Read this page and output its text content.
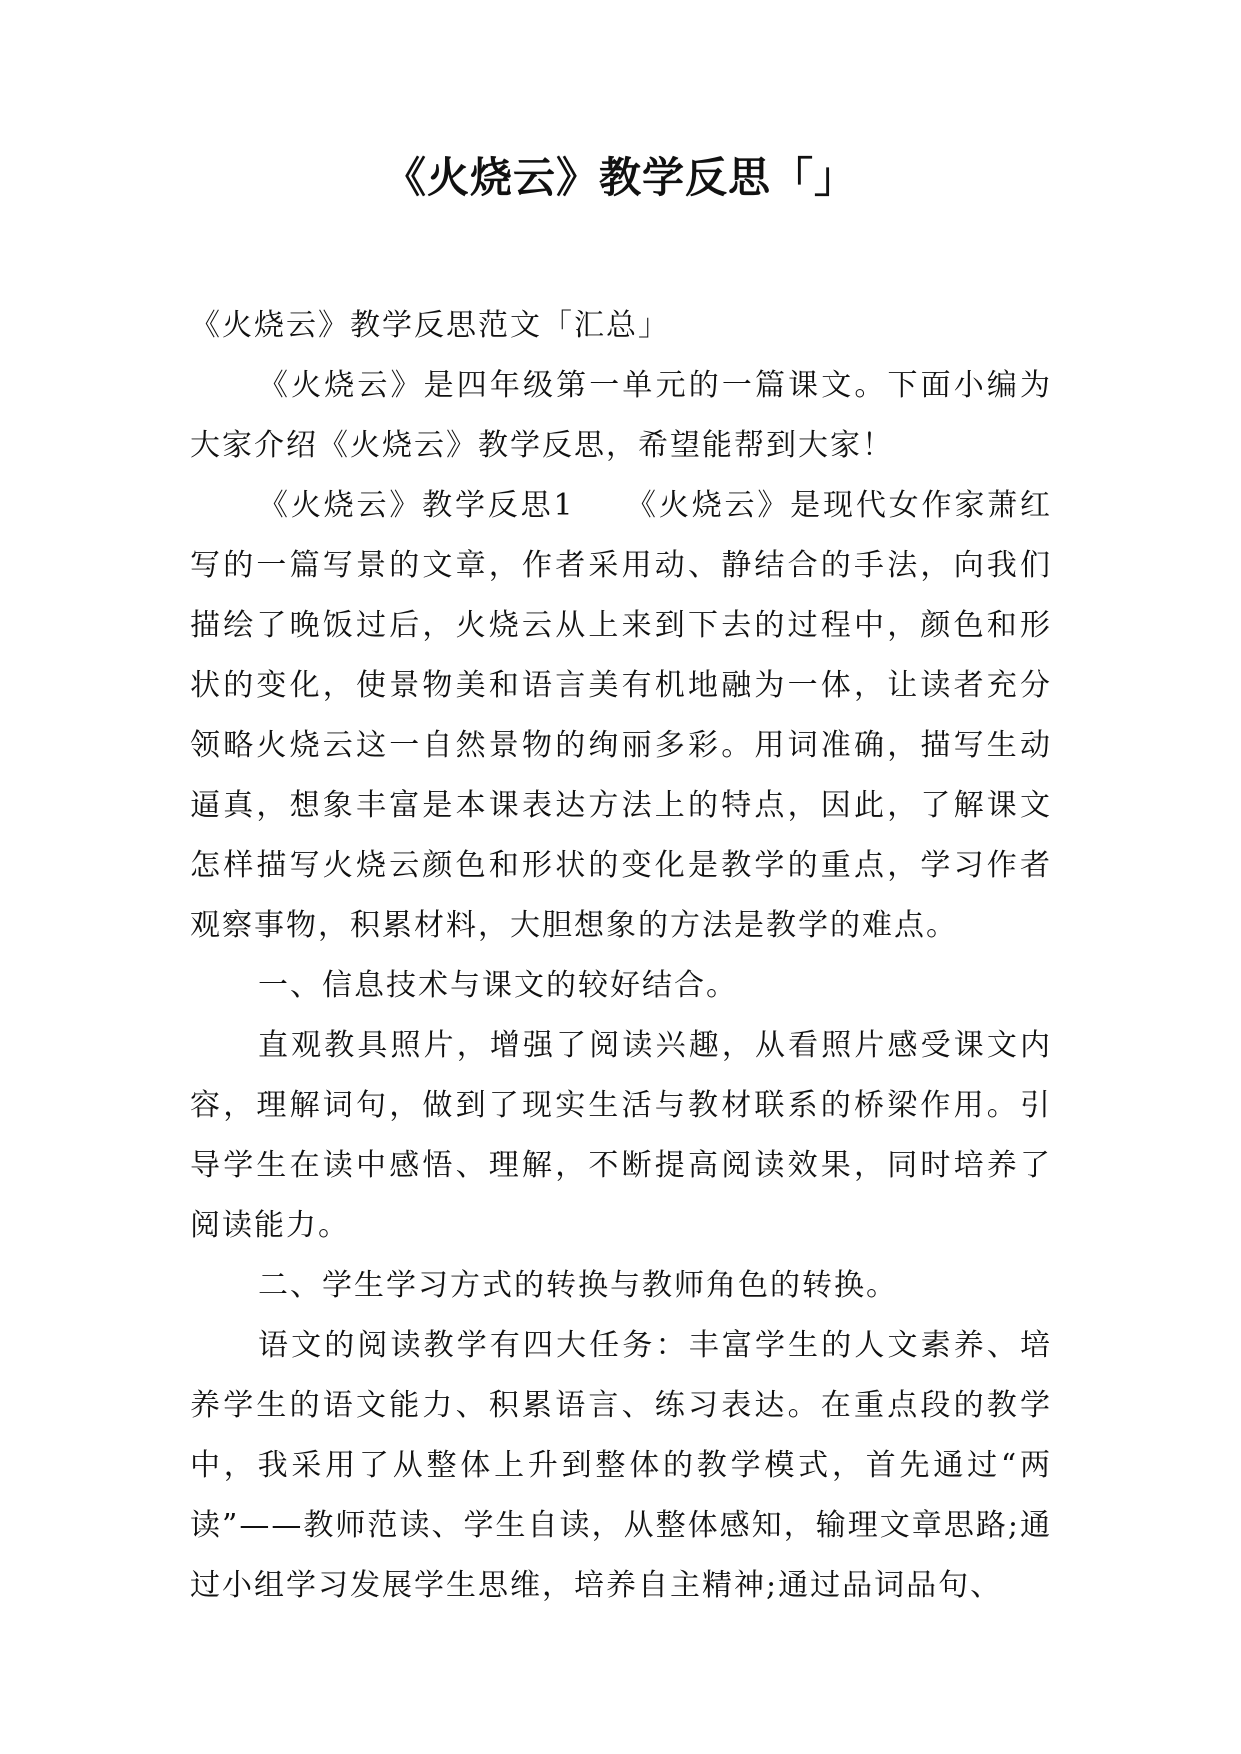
《火烧云》教学反思「」

《火烧云》教学反思范文「汇总」

《火烧云》是四年级第一单元的一篇课文。下面小编为大家介绍《火烧云》教学反思，希望能帮到大家！

《火烧云》教学反思1　　《火烧云》是现代女作家萧红写的一篇写景的文章，作者采用动、静结合的手法，向我们描绘了晚饭过后，火烧云从上来到下去的过程中，颜色和形状的变化，使景物美和语言美有机地融为一体，让读者充分领略火烧云这一自然景物的绚丽多彩。用词准确，描写生动逼真，想象丰富是本课表达方法上的特点，因此，了解课文怎样描写火烧云颜色和形状的变化是教学的重点，学习作者观察事物，积累材料，大胆想象的方法是教学的难点。

一、信息技术与课文的较好结合。

直观教具照片，增强了阅读兴趣，从看照片感受课文内容，理解词句，做到了现实生活与教材联系的桥梁作用。引导学生在读中感悟、理解，不断提高阅读效果，同时培养了阅读能力。

二、学生学习方式的转换与教师角色的转换。

语文的阅读教学有四大任务：丰富学生的人文素养、培养学生的语文能力、积累语言、练习表达。在重点段的教学中，我采用了从整体上升到整体的教学模式，首先通过“两读”——教师范读、学生自读，从整体感知，输理文章思路;通过小组学习发展学生思维，培养自主精神;通过品词品句、
